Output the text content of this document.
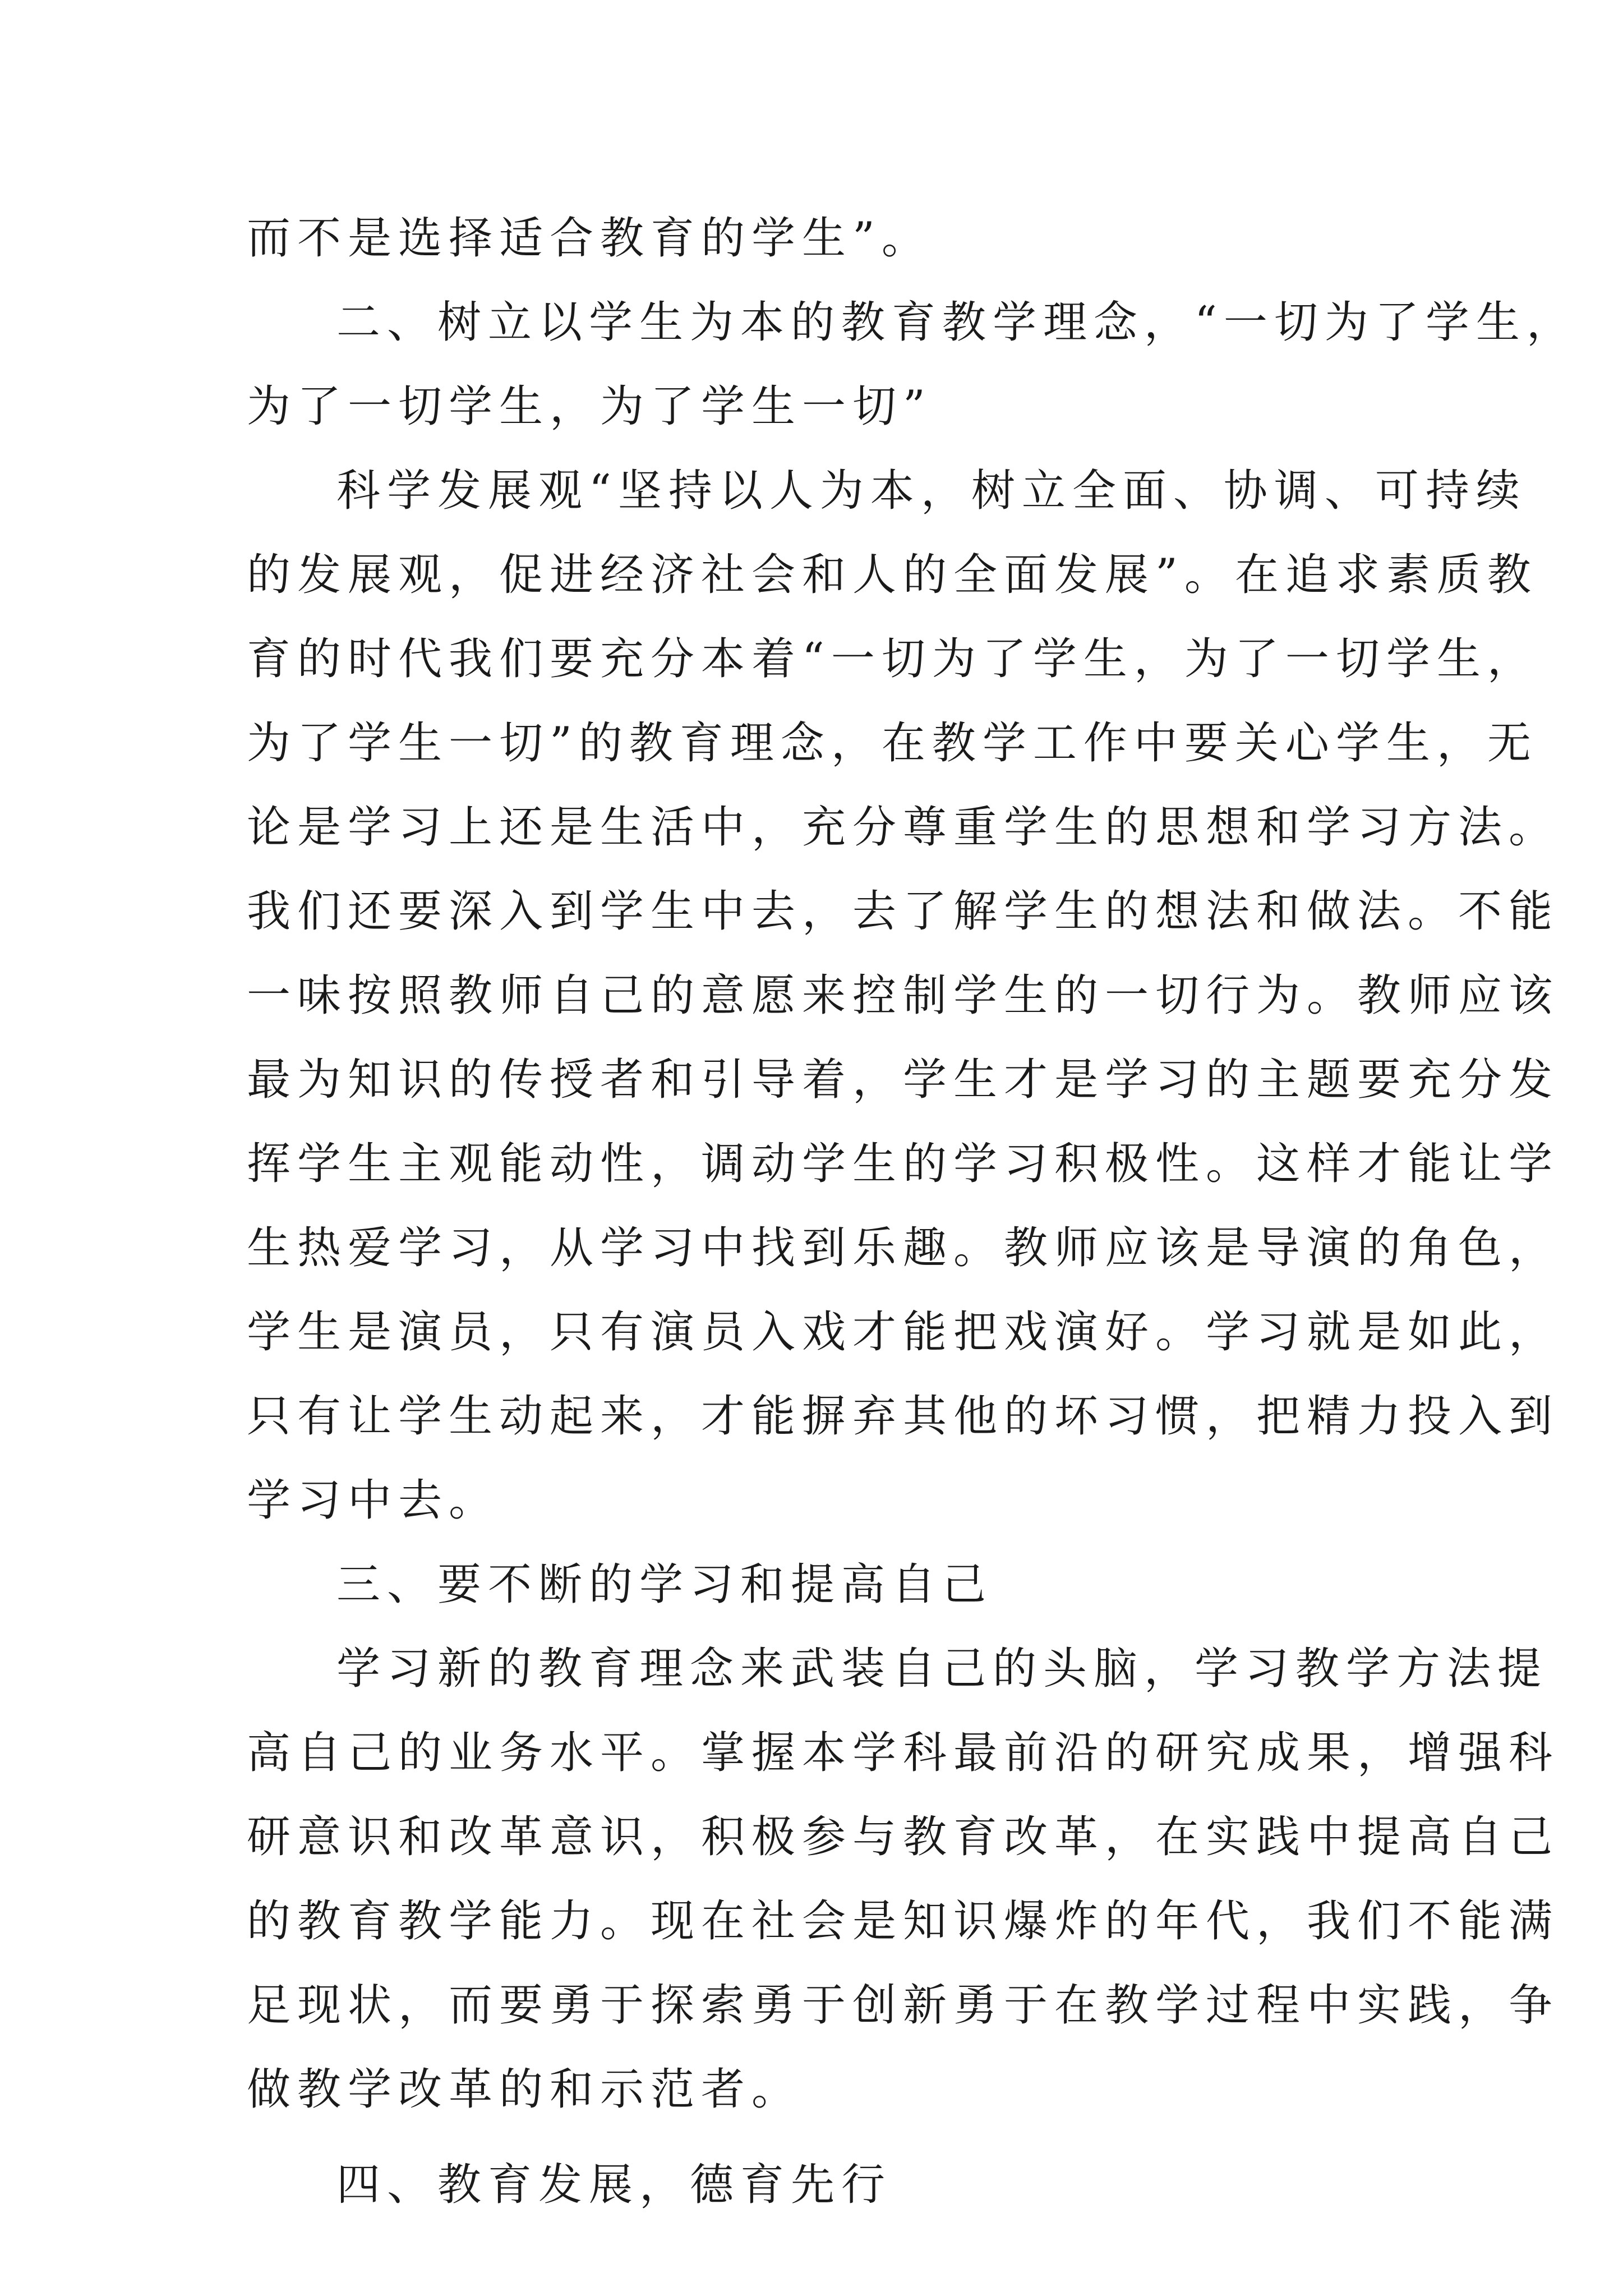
而不是选择适合教育的学生”。

二、树立以学生为本的教育教学理念，“一切为了学生，

为了一切学生，为了学生一切”

科学发展观“坚持以人为本，树立全面、协调、可持续

的发展观，促进经济社会和人的全面发展”。在追求素质教

育的时代我们要充分本着“一切为了学生，为了一切学生，

为了学生一切”的教育理念，在教学工作中要关心学生，无

论是学习上还是生活中，充分尊重学生的思想和学习方法。

我们还要深入到学生中去，去了解学生的想法和做法。不能

一味按照教师自己的意愿来控制学生的一切行为。教师应该

最为知识的传授者和引导着，学生才是学习的主题要充分发

挥学生主观能动性，调动学生的学习积极性。这样才能让学

生热爱学习，从学习中找到乐趣。教师应该是导演的角色，

学生是演员，只有演员入戏才能把戏演好。学习就是如此，

只有让学生动起来，才能摒弃其他的坏习惯，把精力投入到

学习中去。

三、要不断的学习和提高自己

学习新的教育理念来武装自己的头脑，学习教学方法提

高自己的业务水平。掌握本学科最前沿的研究成果，增强科

研意识和改革意识，积极参与教育改革，在实践中提高自己

的教育教学能力。现在社会是知识爆炸的年代，我们不能满

足现状，而要勇于探索勇于创新勇于在教学过程中实践，争

做教学改革的和示范者。

四、教育发展，德育先行
